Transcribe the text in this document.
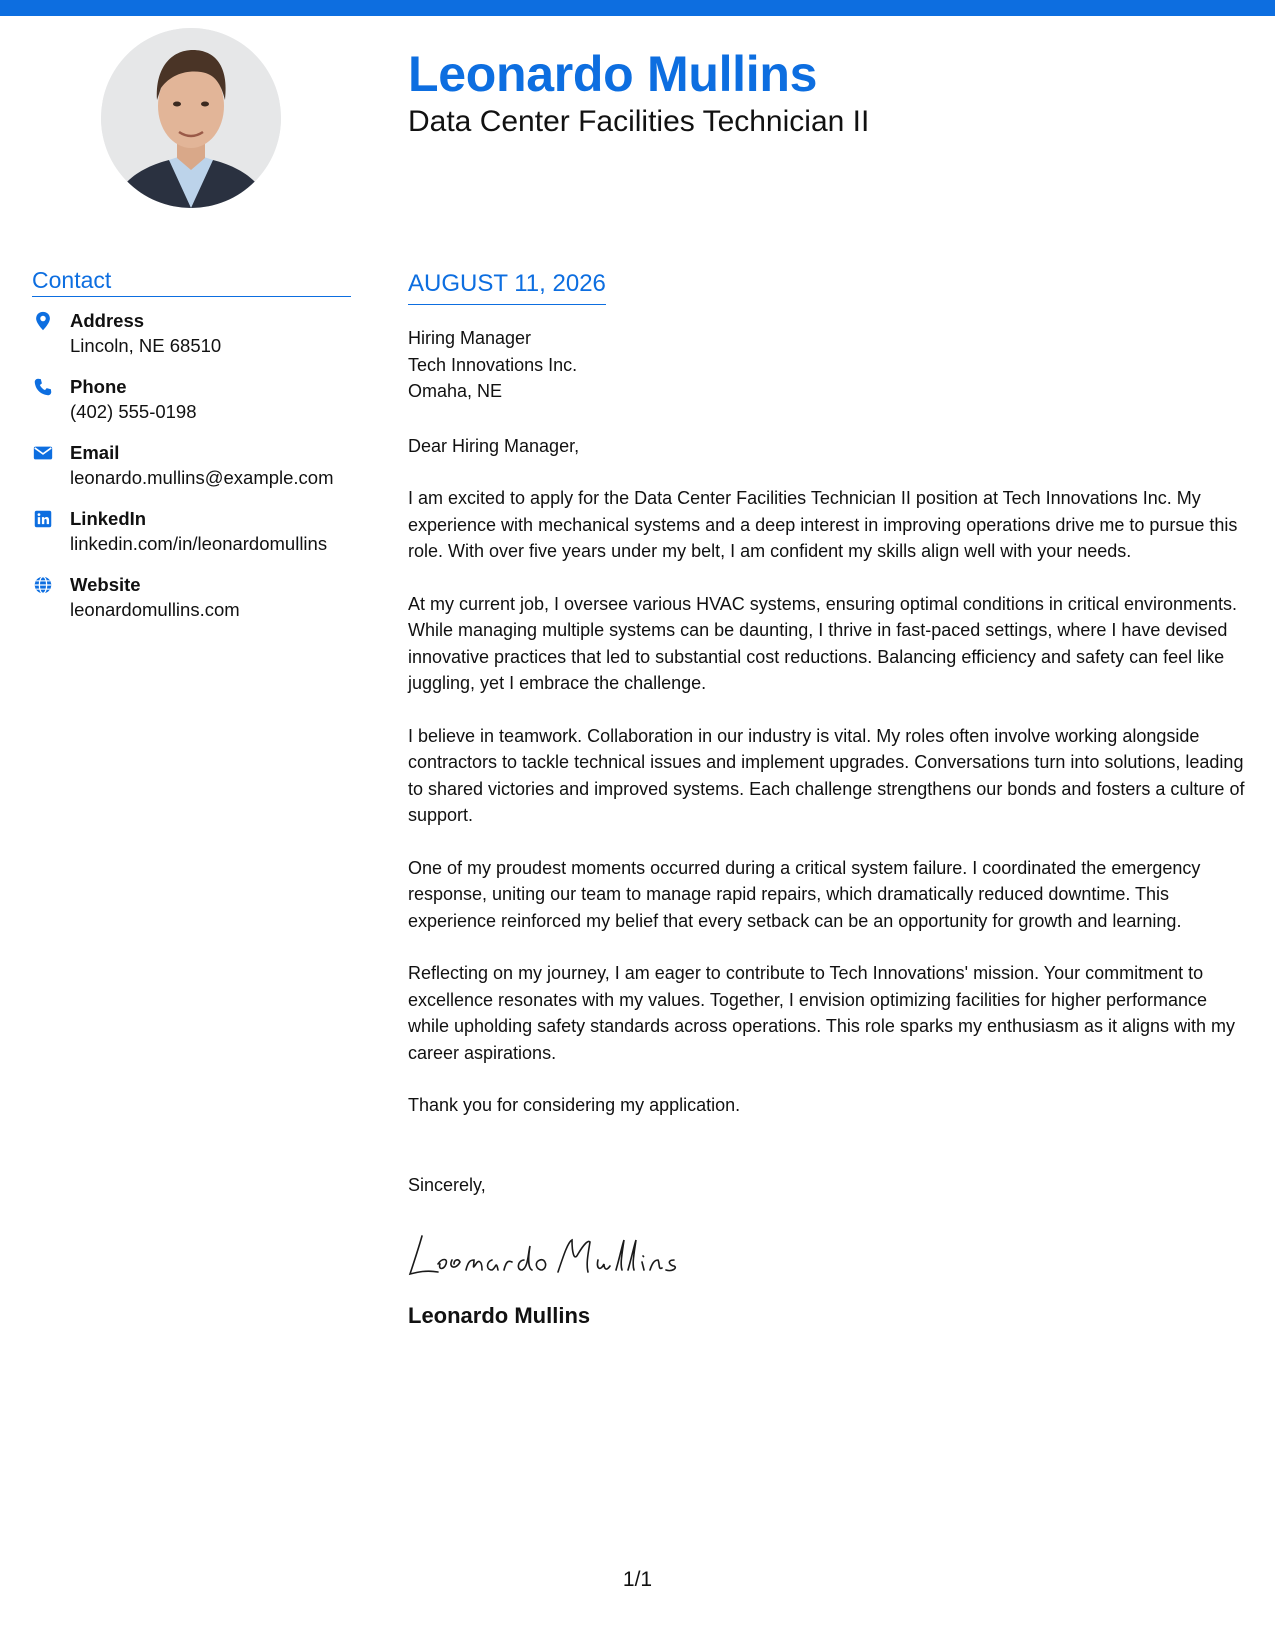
Leonardo Mullins
Data Center Facilities Technician II
Contact
Address
Lincoln, NE 68510
Phone
(402) 555-0198
Email
leonardo.mullins@example.com
LinkedIn
linkedin.com/in/leonardomullins
Website
leonardomullins.com
AUGUST 11, 2026
Hiring Manager
Tech Innovations Inc.
Omaha, NE
Dear Hiring Manager,
I am excited to apply for the Data Center Facilities Technician II position at Tech Innovations Inc. My experience with mechanical systems and a deep interest in improving operations drive me to pursue this role. With over five years under my belt, I am confident my skills align well with your needs.
At my current job, I oversee various HVAC systems, ensuring optimal conditions in critical environments. While managing multiple systems can be daunting, I thrive in fast-paced settings, where I have devised innovative practices that led to substantial cost reductions. Balancing efficiency and safety can feel like juggling, yet I embrace the challenge.
I believe in teamwork. Collaboration in our industry is vital. My roles often involve working alongside contractors to tackle technical issues and implement upgrades. Conversations turn into solutions, leading to shared victories and improved systems. Each challenge strengthens our bonds and fosters a culture of support.
One of my proudest moments occurred during a critical system failure. I coordinated the emergency response, uniting our team to manage rapid repairs, which dramatically reduced downtime. This experience reinforced my belief that every setback can be an opportunity for growth and learning.
Reflecting on my journey, I am eager to contribute to Tech Innovations' mission. Your commitment to excellence resonates with my values. Together, I envision optimizing facilities for higher performance while upholding safety standards across operations. This role sparks my enthusiasm as it aligns with my career aspirations.
Thank you for considering my application.
Sincerely,
Leonardo Mullins
1/1
